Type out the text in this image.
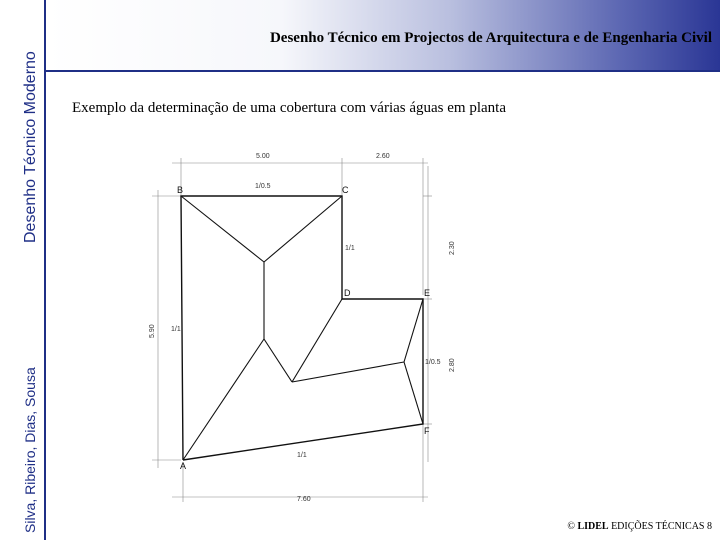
Desenho Técnico Moderno
Silva, Ribeiro, Dias, Sousa
Desenho Técnico em Projectos de Arquitectura e de Engenharia Civil
Exemplo da determinação de uma cobertura com várias águas em planta
5.00	2.60
2.30
2.80
5.90
7.60
B	C
D	E
F
A
1/0.5
1/1
1/1
1/0.5
1/1
© LIDEL EDIÇÕES TÉCNICAS 8
